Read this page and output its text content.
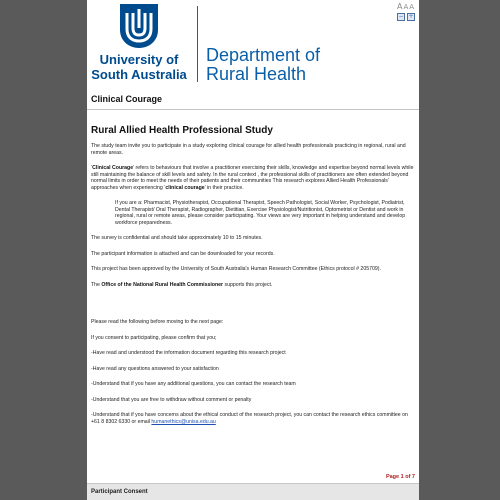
University of
South Australia
Department of
Rural Health
Clinical Courage
Rural Allied Health Professional Study

The study team invite you to participate in a study exploring clinical courage for allied health professionals practicing in regional, rural and remote areas.

‘Clinical Courage’ refers to behaviours that involve a practitioner exercising their skills, knowledge and expertise beyond normal levels while still maintaining the balance of skill levels and safety. In the rural context , the professional skills of practitioners are often extended beyond normal limits in order to meet the needs of their patients and their communities This research explores Allied Health Professionals’ approaches when experiencing ‘clinical courage’ in their practice.

If you are a: Pharmacist, Physiotherapist, Occupational Therapist, Speech Pathologist, Social Worker, Psychologist, Podiatrist, Dental Therapist/ Oral Therapist, Radiographer, Dietitian, Exercise Physiologist/Nutritionist, Optometrist or Dentist and work in regional, rural or remote areas, please consider participating. Your views are very important in helping understand and develop workforce preparedness.

The survey is confidential and should take approximately 10 to 15 minutes.

The participant information is attached and can be downloaded for your records.

This project has been approved by the University of South Australia's Human Research Committee (Ethics protocol # 205709).

The Office of the National Rural Health Commissioner supports this project.

Please read the following before moving to the next page:

If you consent to participating, please confirm that you;

-Have read and understood the information document regarding this research project

-Have read any questions answered to your satisfaction

-Understand that if you have any additional questions, you can contact the research team

-Understand that you are free to withdraw without comment or penalty

-Understand that if you have concerns about the ethical conduct of the research project, you can contact the research ethics committee on +61 8 8302 6330 or email humanethics@unisa.edu.au

Page 1 of 7
Participant Consent
AAA
− +
